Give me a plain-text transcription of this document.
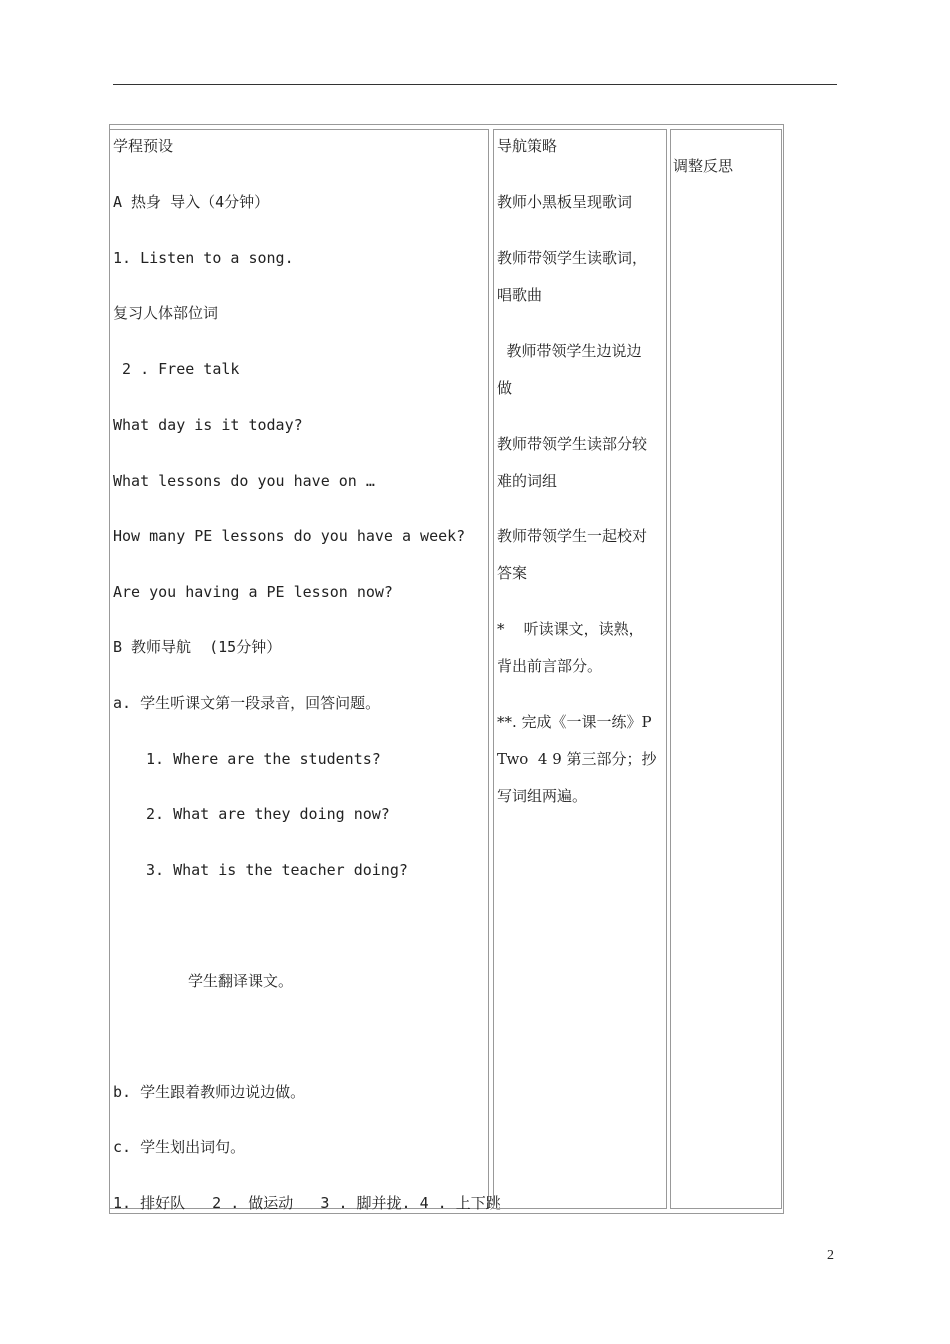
学程预设
A 热身 导入（4分钟）
1. Listen to a song.
复习人体部位词
2 . Free talk
What day is it today?
What lessons do you have on …
How many PE lessons do you have a week?
Are you having a PE lesson now?
B 教师导航  (15分钟）
a. 学生听课文第一段录音，回答问题。
1. Where are the students?
2. What are they doing now?
3. What is the teacher doing?
学生翻译课文。
b. 学生跟着教师边说边做。
c. 学生划出词句。
1. 排好队   2 . 做运动   3 . 脚并拢. 4 . 上下跳
导航策略
教师小黑板呈现歌词
教师带领学生读歌词，
唱歌曲
教师带领学生边说边
做
教师带领学生读部分较
难的词组
教师带领学生一起校对
答案
*    听读课文，读熟，
背出前言部分。
**. 完成《一课一练》P
Two  4 9 第三部分；抄
写词组两遍。
调整反思
2
